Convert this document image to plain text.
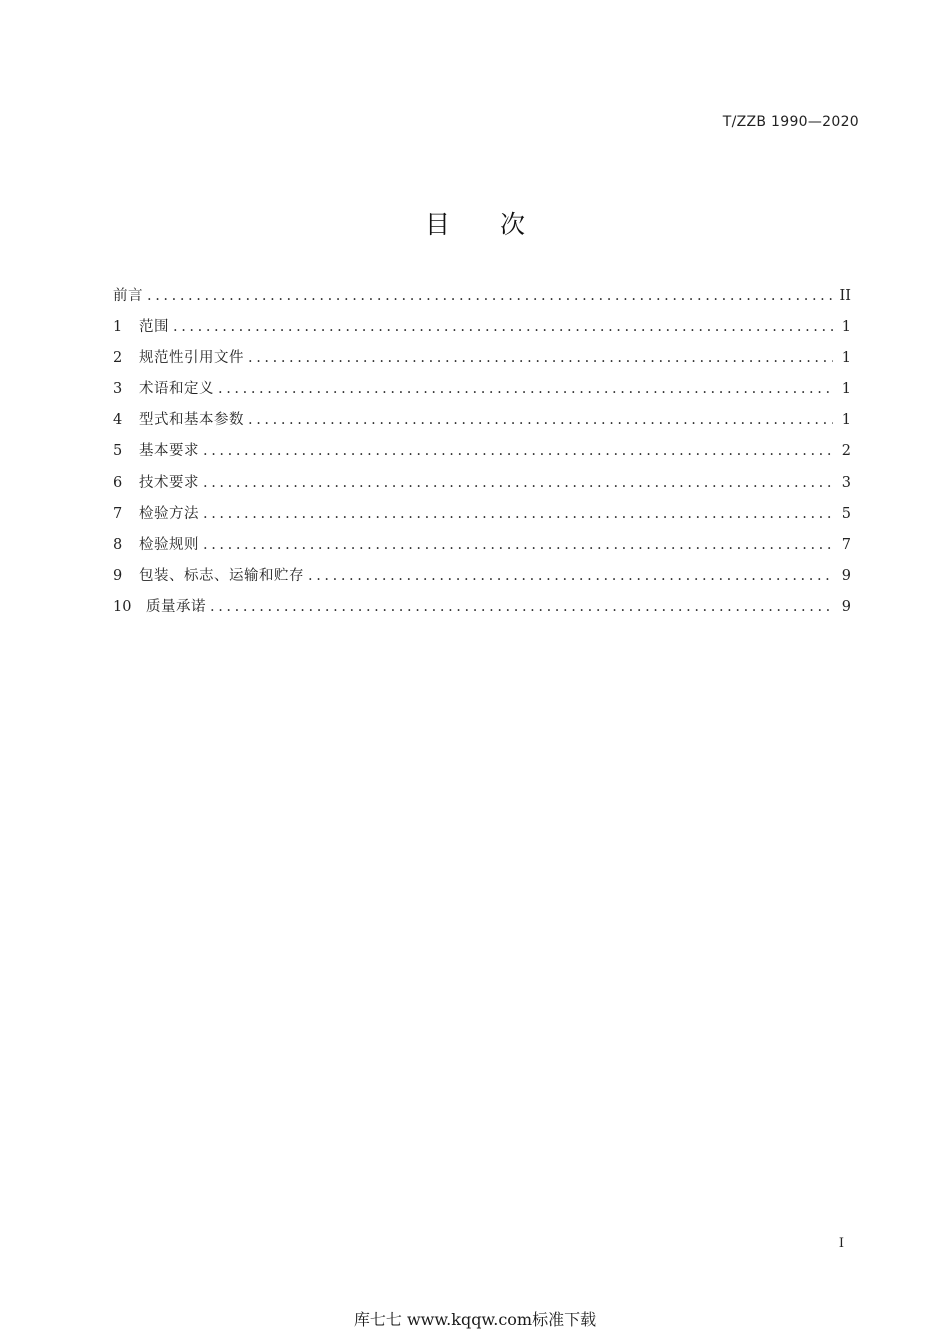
T/ZZB 1990—2020
目 次
前言 .....	II
1	范围 .....	1
2	规范性引用文件 .....	1
3	术语和定义 .....	1
4	型式和基本参数 .....	1
5	基本要求 .....	2
6	技术要求 .....	3
7	检验方法 .....	5
8	检验规则 .....	7
9	包装、标志、运输和贮存 .....	9
10	质量承诺 .....	9
I
库七七 www.kqqw.com标准下载
